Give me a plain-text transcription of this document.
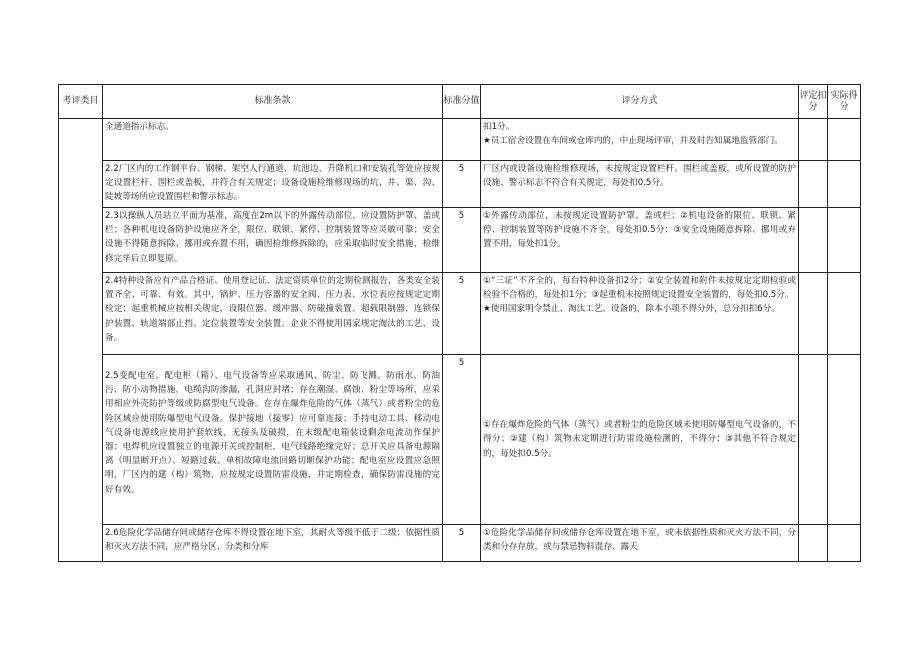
考评类目	标准条款	标准分值	评分方式	评定扣分	实际得分
	全通道指示标志。		扣1分。
★员工宿舍设置在车间或仓库内的，中止现场评审，并及时告知属地监管部门。		

	2.2厂区内的工作钢平台、钢梯、架空人行通道、坑池边、升降机口和安装孔等处应按规定设置栏杆、围栏或盖板，并符合有关规定；设备设施检维修现场的坑、井、渠、沟、陡坡等场所应设置围栏和警示标志。	5	厂区内或设备设施检维修现场，未按规定设置栏杆、围栏或盖板，或所设置的防护设施、警示标志不符合有关规定，每处扣0.5分。		

	2.3以操纵人员站立平面为基准，高度在2m以下的外露传动部位，应设置防护罩、盖或栏；各种机电设备防护设施应齐全，限位、联锁、紧停、控制装置等应灵敏可靠；安全设施不得随意拆除、挪用或弃置不用，确因检维修拆除的，应采取临时安全措施，检维修完毕后立即复原。	5	①外露传动部位，未按规定设置防护罩、盖或栏；②机电设备的限位、联锁、紧停、控制装置等防护设施不齐全，每处扣0.5分；③安全设施随意拆除、挪用或弃置不用，每处扣1分。		

	2.4特种设备应有产品合格证、使用登记证、法定资质单位的定期检测报告，各类安全装置齐全、可靠、有效。其中，锅炉、压力容器的安全阀、压力表、水位表应按规定定期检定；起重机械应按相关规定，设限位器、缓冲器、防碰撞装置、超载限制器、连锁保护装置、轨道端部止挡、定位装置等安全装置。企业不得使用国家规定淘汰的工艺、设备。	5	①“三证”不齐全的，每台特种设备扣2分；②安全装置和附件未按规定定期检验或检验不合格的，每处扣1分；③起重机未按照规定设置安全装置的，每处扣0.5分。
★使用国家明令禁止、淘汰工艺、设备的，除本小项不得分外，总分扣扣6分。		

	2.5变配电室、配电柜（箱）、电气设备等应采取通风、防尘、防飞溅、防雨水、防油污、防小动物措施，电缆沟防渗漏，孔洞应封堵；存在潮湿、腐蚀、粉尘等场所，应采用相应外壳防护等级或防腐型电气设备。在存在爆炸危险的气体（蒸气）或者粉尘的危险区域应使用防爆型电气设备。保护接地（接零）应可靠连接；手持电动工具、移动电气设备电源线应使用护套软线，无接头及破损，在末级配电箱装设剩余电流动作保护器；电焊机应设置独立的电源开关或控制柜，电气线路绝缘完好；总开关应具备电源隔离（明显断开点）、短路过载、单相故障电流回路切断保护功能；配电室应设置应急照明，厂区内的建（构）筑物，应按规定设置防雷设施，并定期检查，确保防雷设施的完好有效。	5	①存在爆炸危险的气体（蒸气）或者粉尘的危险区域未使用防爆型电气设备的，不得分；②建（构）筑物未定期进行防雷设施检测的，不得分；③其他不符合规定的，每处扣0.5分。		

	2.6危险化学品储存间或储存仓库不得设置在地下室，其耐火等级不低于二级；依据性质和灭火方法不同，应严格分区、分类和分库	5	①危险化学品储存间或储存仓库设置在地下室，或未依据性质和灭火方法不同，分类和分存存放，或与禁忌物料混存、露天		
